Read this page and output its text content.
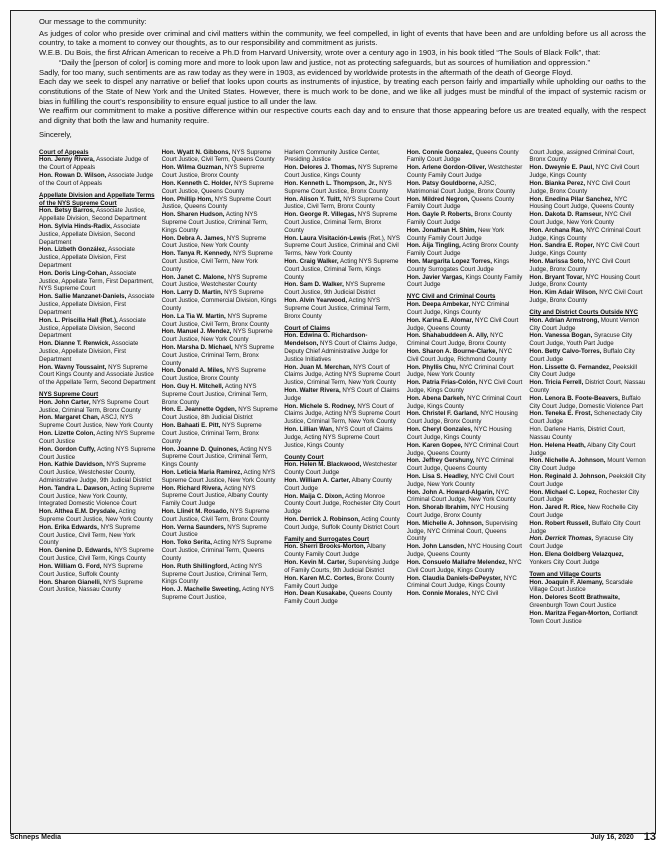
Our message to the community:

As judges of color who preside over criminal and civil matters within the community, we feel compelled, in light of events that have been and are unfolding before us all across the country, to take a moment to convey our thoughts, as to our responsibility and commitment as jurists.

W.E.B. Du Bois, the first African American to receive a Ph.D from Harvard University, wrote over a century ago in 1903, in his book titled “The Souls of Black Folk”, that:

“Daily the [person of color] is coming more and more to look upon law and justice, not as protecting safeguards, but as sources of humiliation and oppression.”

Sadly, for too many, such sentiments are as raw today as they were in 1903, as evidenced by worldwide protests in the aftermath of the death of George Floyd.

Each day we seek to dispel any narrative or belief that looks upon courts as instruments of injustice, by treating each person fairly and impartially while upholding our oaths to the constitutions of the State of New York and the United States. However, there is much work to be done, and we like all judges must be mindful of the impact of systemic racism or bias in fulfilling the court’s responsibility to ensure equal justice to all under the law.

We reaffirm our commitment to make a positive difference within our respective courts each day and to ensure that those appearing before us are treated equally, with the respect and dignity that both the law and humanity require.

Sincerely,

Court of Appeals
Hon. Jenny Rivera, Associate Judge of the Court of Appeals
Hon. Rowan D. Wilson, Associate Judge of the Court of Appeals
Appellate Division and Appellate Terms of the NYS Supreme Court
Hon. Betsy Barros, Associate Justice, Appellate Division, Second Department
Hon. Sylvia Hinds-Radix, Associate Justice, Appellate Division, Second Department
Hon. Lizbeth González, Associate Justice, Appellate Division, First Department
Hon. Doris Ling-Cohan, Associate Justice, Appellate Term, First Department, NYS Supreme Court
Hon. Sallie Manzanet-Daniels, Associate Justice, Appellate Division, First Department
Hon. L. Priscilla Hall (Ret.), Associate Justice, Appellate Division, Second Department
Hon. Dianne T. Renwick, Associate Justice, Appellate Division, First Department
Hon. Wavny Toussaint, NYS Supreme Court Kings County and Associate Justice of the Appellate Term, Second Department
NYS Supreme Court
Hon. John Carter, NYS Supreme Court Justice, Criminal Term, Bronx County
Hon. Margaret Chan, ASCJ, NYS Supreme Court Justice, New York County
Hon. Lizette Colon, Acting NYS Supreme Court Justice
Hon. Gordon Cuffy, Acting NYS Supreme Court Justice
Hon. Kathie Davidson, NYS Supreme Court Justice, Westchester County, Administrative Judge, 9th Judicial District
Hon. Tandra L. Dawson, Acting Supreme Court Justice, New York County, Integrated Domestic Violence Court
Hon. Althea E.M. Drysdale, Acting Supreme Court Justice, New York County
Hon. Erika Edwards, NYS Supreme Court Justice, Civil Term, New York County
Hon. Genine D. Edwards, NYS Supreme Court Justice, Civil Term, Kings County
Hon. William G. Ford, NYS Supreme Court Justice, Suffolk County
Hon. Sharon Gianelli, NYS Supreme Court Justice, Nassau County
Hon. Wyatt N. Gibbons, NYS Supreme Court Justice, Civil Term, Queens County
Hon. Wilma Guzman, NYS Supreme Court Justice, Bronx County
Hon. Kenneth C. Holder, NYS Supreme Court Justice, Queens County
Hon. Phillip Hom, NYS Supreme Court Justice, Queens County
Hon. Sharen Hudson, Acting NYS Supreme Court Justice, Criminal Term, Kings County
Hon. Debra A. James, NYS Supreme Court Justice, New York County
Hon. Tanya R. Kennedy, NYS Supreme Court Justice, Civil Term, New York County
Hon. Janet C. Malone, NYS Supreme Court Justice, Westchester County
Hon. Larry D. Martin, NYS Supreme Court Justice, Commercial Division, Kings County
Hon. La Tia W. Martin, NYS Supreme Court Justice, Civil Term, Bronx County
Hon. Manuel J. Mendez, NYS Supreme Court Justice, New York County
Hon. Marsha D. Michael, NYS Supreme Court Justice, Criminal Term, Bronx County
Hon. Donald A. Miles, NYS Supreme Court Justice, Bronx County
Hon. Guy H. Mitchell, Acting NYS Supreme Court Justice, Criminal Term, Bronx County
Hon. E. Jeannette Ogden, NYS Supreme Court Justice, 8th Judicial District
Hon. Bahaati E. Pitt, NYS Supreme Court Justice, Criminal Term, Bronx County
Hon. Joanne D. Quinones, Acting NYS Supreme Court Justice, Criminal Term, Kings County
Hon. Leticia Maria Ramirez, Acting NYS Supreme Court Justice, New York County
Hon. Richard Rivera, Acting NYS Supreme Court Justice, Albany County Family Court Judge
Hon. Llinét M. Rosado, NYS Supreme Court Justice, Civil Term, Bronx County
Hon. Verna Saunders, NYS Supreme Court Justice
Hon. Toko Serita, Acting NYS Supreme Court Justice, Criminal Term, Queens County
Hon. Ruth Shillingford, Acting NYS Supreme Court Justice, Criminal Term, Kings County
Hon. J. Machelle Sweeting, Acting NYS Supreme Court Justice,
Harlem Community Justice Center, Presiding Justice
Hon. Delores J. Thomas, NYS Supreme Court Justice, Kings County
Hon. Kenneth L. Thompson, Jr., NYS Supreme Court Justice, Bronx County
Hon. Alison Y. Tuitt, NYS Supreme Court Justice, Civil Term, Bronx County
Hon. George R. Villegas, NYS Supreme Court Justice, Criminal Term, Bronx County
Hon. Laura Visitación-Lewis (Ret.), NYS Supreme Court Justice, Criminal and Civil Terms, New York County
Hon. Craig Walker, Acting NYS Supreme Court Justice, Criminal Term, Kings County
Hon. Sam D. Walker, NYS Supreme Court Justice, 9th Judicial District
Hon. Alvin Yearwood, Acting NYS Supreme Court Justice, Criminal Term, Bronx County
Court of Claims
Hon. Edwina G. Richardson-Mendelson, NYS Court of Claims Judge, Deputy Chief Administrative Judge for Justice Initiatives
Hon. Juan M. Merchan, NYS Court of Claims Judge, Acting NYS Supreme Court Justice, Criminal Term, New York County
Hon. Walter Rivera, NYS Court of Claims Judge
Hon. Michele S. Rodney, NYS Court of Claims Judge, Acting NYS Supreme Court Justice, Criminal Term, New York County
Hon. Lillian Wan, NYS Court of Claims Judge, Acting NYS Supreme Court Justice, Kings County
County Court
Hon. Helen M. Blackwood, Westchester County Court Judge
Hon. William A. Carter, Albany County Court Judge
Hon. Maija C. Dixon, Acting Monroe County Court Judge, Rochester City Court Judge
Hon. Derrick J. Robinson, Acting County Court Judge, Suffolk County District Court
Family and Surrogates Court
Hon. Sherri Brooks-Morton, Albany County Family Court Judge
Hon. Kevin M. Carter, Supervising Judge of Family Courts, 9th Judicial District
Hon. Karen M.C. Cortes, Bronx County Family Court Judge
Hon. Dean Kusakabe, Queens County Family Court Judge
Hon. Connie Gonzalez, Queens County Family Court Judge
Hon. Arlene Gordon-Oliver, Westchester County Family Court Judge
Hon. Patsy Gouldborne, AJSC, Matrimonial Court Judge, Bronx County
Hon. Mildred Negron, Queens County Family Court Judge
Hon. Gayle P. Roberts, Bronx County Family Court Judge
Hon. Jonathan H. Shim, New York County Family Court Judge
Hon. Aija Tingling, Acting Bronx County Family Court Judge
Hon. Margarita Lopez Torres, Kings County Surrogates Court Judge
Hon. Javier Vargas, Kings County Family Court Judge
NYC Civil and Criminal Courts
Hon. Deepa Ambekar, NYC Criminal Court Judge, Kings County
Hon. Karina E. Alomar, NYC Civil Court Judge, Queens County
Hon. Shahabuddeen A. Ally, NYC Criminal Court Judge, Bronx County
Hon. Sharon A. Bourne-Clarke, NYC Civil Court Judge, Richmond County
Hon. Phyllis Chu, NYC Criminal Court Judge, New York County
Hon. Patria Frias-Colón, NYC Civil Court Judge, Kings County
Hon. Abena Darkeh, NYC Criminal Court Judge, Kings County
Hon. Christel F. Garland, NYC Housing Court Judge, Bronx County
Hon. Cheryl Gonzales, NYC Housing Court Judge, Kings County
Hon. Karen Gopee, NYC Criminal Court Judge, Queens County
Hon. Jeffrey Gershuny, NYC Criminal Court Judge, Queens County
Hon. Lisa S. Headley, NYC Civil Court Judge, New York County
Hon. John A. Howard-Algarin, NYC Criminal Court Judge, New York County
Hon. Shorab Ibrahim, NYC Housing Court Judge, Bronx County
Hon. Michelle A. Johnson, Supervising Judge, NYC Criminal Court, Queens County
Hon. John Lansden, NYC Housing Court Judge, Queens County
Hon. Consuelo Mallafre Melendez, NYC Civil Court Judge, Kings County
Hon. Claudia Daniels-DePeyster, NYC Criminal Court Judge, Kings County
Hon. Connie Morales, NYC Civil
Court Judge, assigned Criminal Court, Bronx County
Hon. Dweynie E. Paul, NYC Civil Court Judge, Kings County
Hon. Bianka Perez, NYC Civil Court Judge, Bronx County
Hon. Enedina Pilar Sanchez, NYC Housing Court Judge, Queens County
Hon. Dakota D. Ramseur, NYC Civil Court Judge, New York County
Hon. Archana Rao, NYC Criminal Court Judge, Kings County
Hon. Sandra E. Roper, NYC Civil Court Judge, Kings County
Hon. Marissa Soto, NYC Civil Court Judge, Bronx County
Hon. Bryant Tovar, NYC Housing Court Judge, Bronx County
Hon. Kim Adair Wilson, NYC Civil Court Judge, Bronx County
City and District Courts Outside NYC
Hon. Adrian Armstrong, Mount Vernon City Court Judge
Hon. Vanessa Bogan, Syracuse City Court Judge, Youth Part Judge
Hon. Betty Calvo-Torres, Buffalo City Court Judge
Hon. Lissette G. Fernandez, Peekskill City Court Judge
Hon. Tricia Ferrell, District Court, Nassau County
Hon. Lenora B. Foote-Beavers, Buffalo City Court Judge, Domestic Violence Part
Hon. Teneka E. Frost, Schenectady City Court Judge
Hon. Darlene Harris, District Court, Nassau County
Hon. Helena Heath, Albany City Court Judge
Hon. Nichelle A. Johnson, Mount Vernon City Court Judge
Hon. Reginald J. Johnson, Peekskill City Court Judge
Hon. Michael C. Lopez, Rochester City Court Judge
Hon. Jared R. Rice, New Rochelle City Court Judge
Hon. Robert Russell, Buffalo City Court Judge
Hon. Derrick Thomas, Syracuse City Court Judge
Hon. Elena Goldberg Velazquez, Yonkers City Court Judge
Town and Village Courts
Hon. Joaquin F. Alemany, Scarsdale Village Court Justice
Hon. Delores Scott Brathwaite, Greenburgh Town Court Justice
Hon. Maritza Fegan-Morton, Cortlandt Town Court Justice
Schneps Media	July 16, 2020 13
